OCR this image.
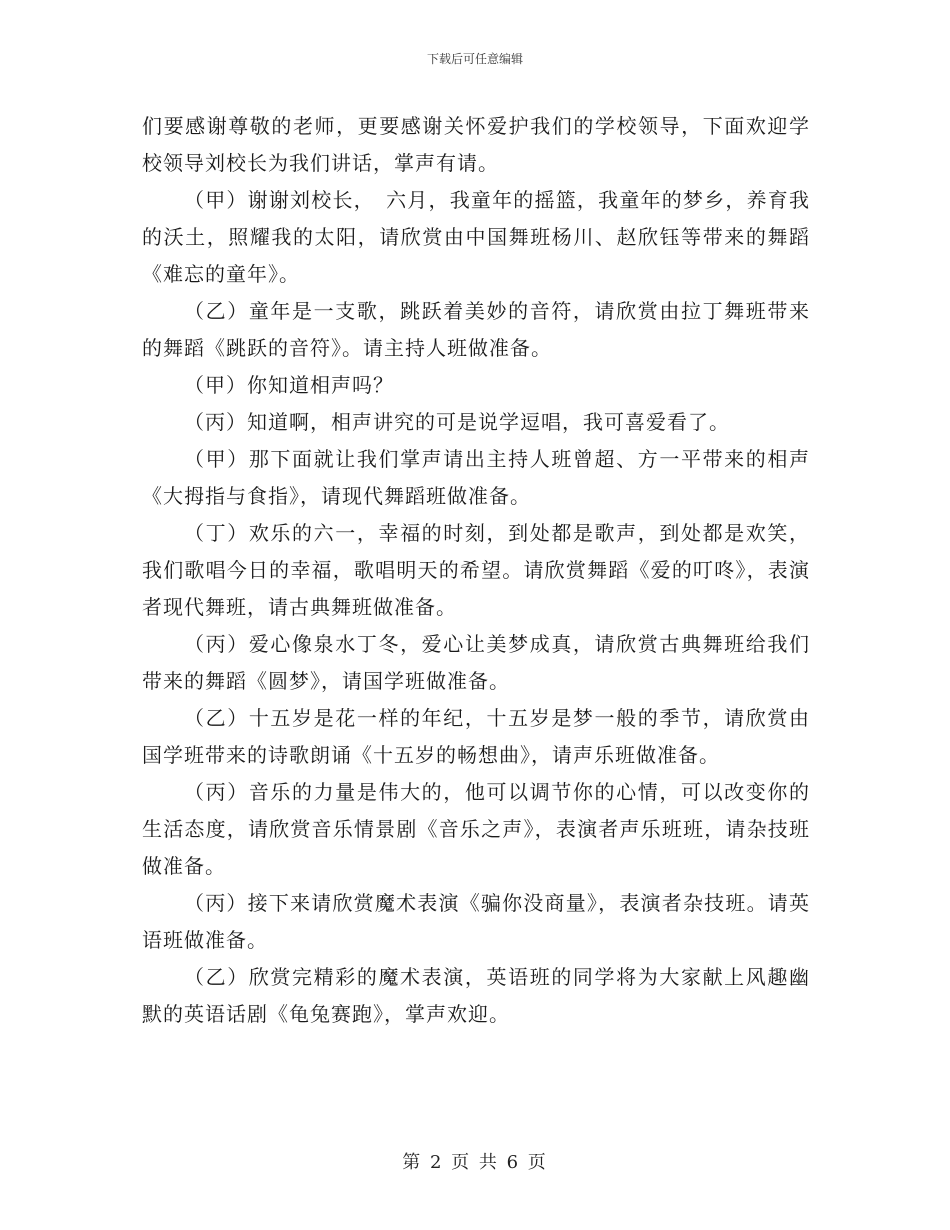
下载后可任意编辑

们要感谢尊敬的老师，更要感谢关怀爱护我们的学校领导，下面欢迎学校领导刘校长为我们讲话，掌声有请。

（甲）谢谢刘校长，　六月，我童年的摇篮，我童年的梦乡，养育我的沃土，照耀我的太阳，请欣赏由中国舞班杨川、赵欣钰等带来的舞蹈《难忘的童年》。

（乙）童年是一支歌，跳跃着美妙的音符，请欣赏由拉丁舞班带来的舞蹈《跳跃的音符》。请主持人班做准备。

（甲）你知道相声吗？

（丙）知道啊，相声讲究的可是说学逗唱，我可喜爱看了。

（甲）那下面就让我们掌声请出主持人班曾超、方一平带来的相声《大拇指与食指》，请现代舞蹈班做准备。

（丁）欢乐的六一，幸福的时刻，到处都是歌声，到处都是欢笑，我们歌唱今日的幸福，歌唱明天的希望。请欣赏舞蹈《爱的叮咚》，表演者现代舞班，请古典舞班做准备。

（丙）爱心像泉水丁冬，爱心让美梦成真，请欣赏古典舞班给我们带来的舞蹈《圆梦》，请国学班做准备。

（乙）十五岁是花一样的年纪，十五岁是梦一般的季节，请欣赏由国学班带来的诗歌朗诵《十五岁的畅想曲》，请声乐班做准备。

（丙）音乐的力量是伟大的，他可以调节你的心情，可以改变你的生活态度，请欣赏音乐情景剧《音乐之声》，表演者声乐班班，请杂技班做准备。

（丙）接下来请欣赏魔术表演《骗你没商量》，表演者杂技班。请英语班做准备。

（乙）欣赏完精彩的魔术表演，英语班的同学将为大家献上风趣幽默的英语话剧《龟兔赛跑》，掌声欢迎。

第 2 页 共 6 页
